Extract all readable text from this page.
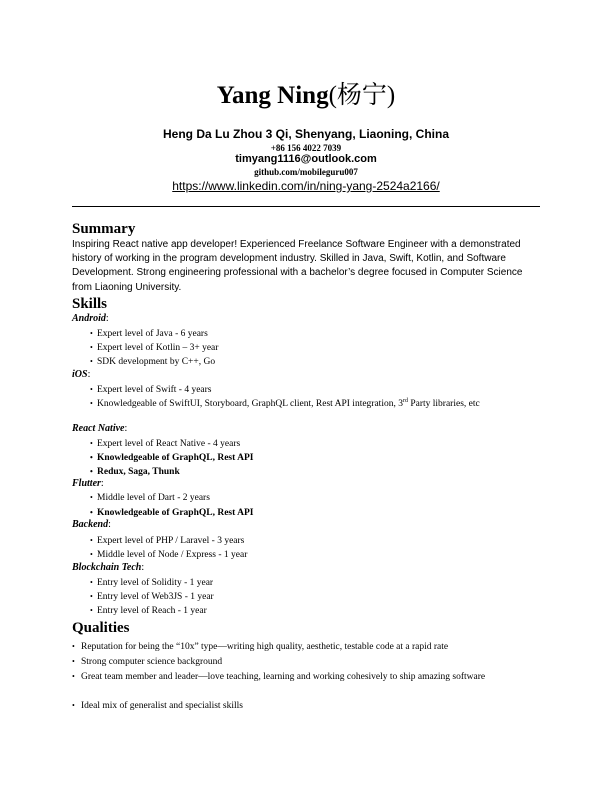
Yang Ning(杨宁)
Heng Da Lu Zhou 3 Qi, Shenyang, Liaoning, China
+86 156 4022 7039
timyang1116@outlook.com
github.com/mobileguru007
https://www.linkedin.com/in/ning-yang-2524a2166/
Summary
Inspiring React native app developer! Experienced Freelance Software Engineer with a demonstrated history of working in the program development industry. Skilled in Java, Swift, Kotlin, and Software Development. Strong engineering professional with a bachelor’s degree focused in Computer Science from Liaoning University.
Skills
Android:
• Expert level of Java - 6 years
• Expert level of Kotlin – 3+ year
• SDK development by C++, Go
iOS:
• Expert level of Swift - 4 years
• Knowledgeable of SwiftUI, Storyboard, GraphQL client, Rest API integration, 3rd Party libraries, etc
React Native:
• Expert level of React Native - 4 years
• Knowledgeable of GraphQL, Rest API
• Redux, Saga, Thunk
Flutter:
• Middle level of Dart - 2 years
• Knowledgeable of GraphQL, Rest API
Backend:
• Expert level of PHP / Laravel - 3 years
• Middle level of Node / Express - 1 year
Blockchain Tech:
• Entry level of Solidity - 1 year
• Entry level of Web3JS - 1 year
• Entry level of Reach - 1 year
Qualities
• Reputation for being the “10x” type—writing high quality, aesthetic, testable code at a rapid rate
• Strong computer science background
• Great team member and leader—love teaching, learning and working cohesively to ship amazing software
• Ideal mix of generalist and specialist skills
